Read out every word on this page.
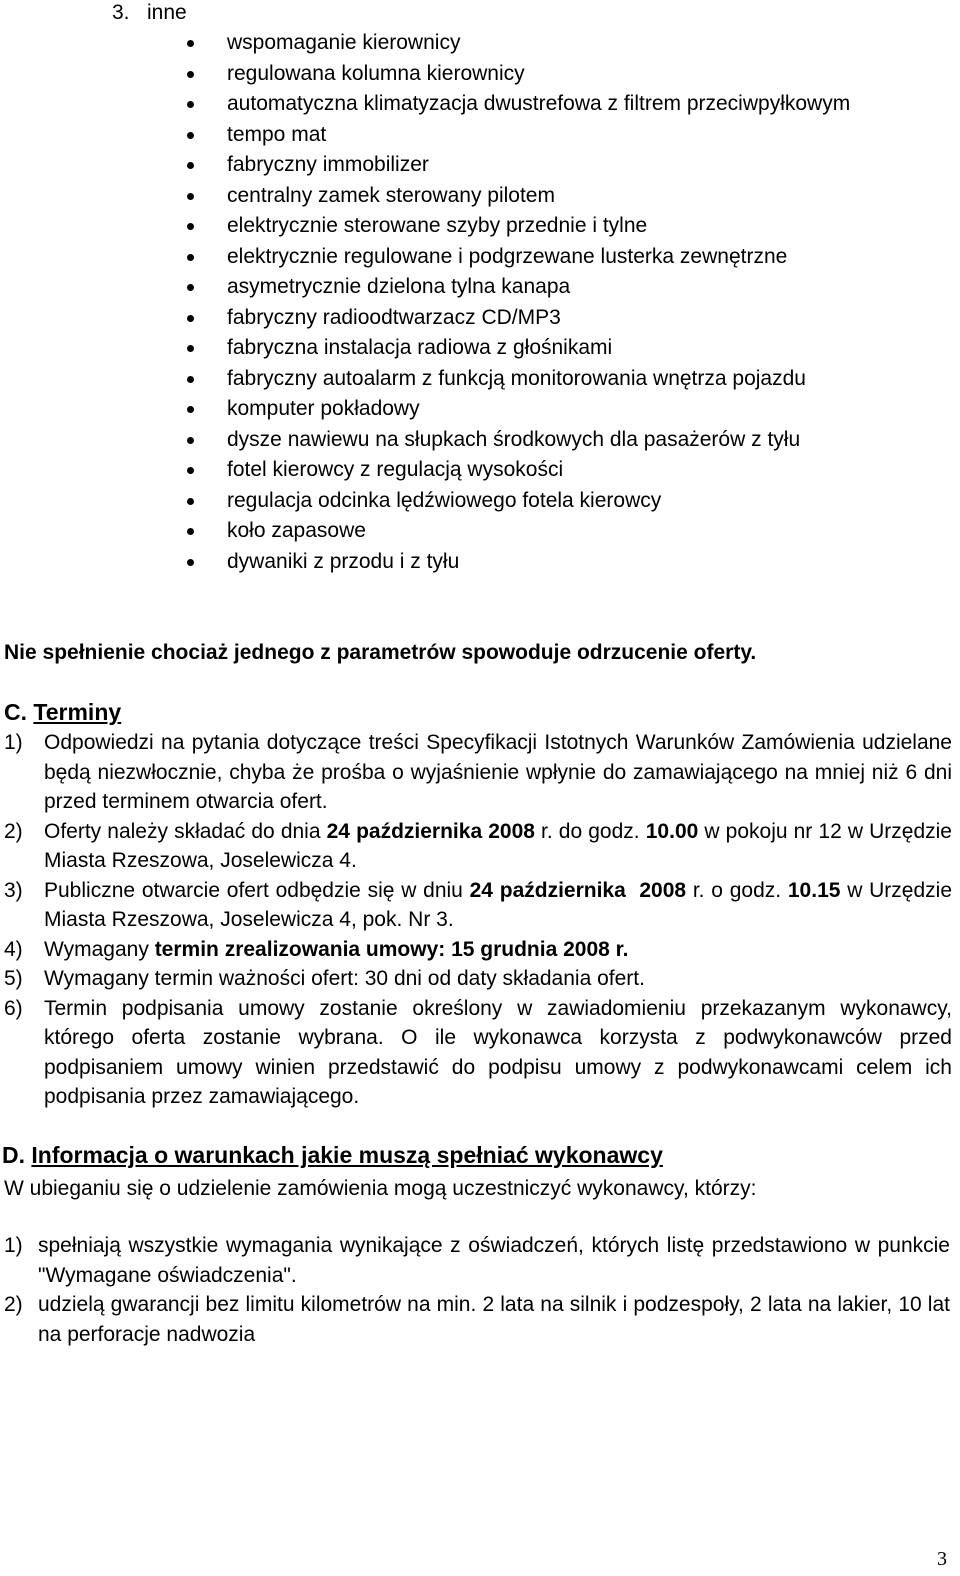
3.   inne
wspomaganie kierownicy
regulowana kolumna kierownicy
automatyczna klimatyzacja dwustrefowa z filtrem przeciwpyłkowym
tempo mat
fabryczny immobilizer
centralny zamek sterowany pilotem
elektrycznie sterowane szyby przednie i tylne
elektrycznie regulowane i podgrzewane lusterka zewnętrzne
asymetrycznie dzielona tylna kanapa
fabryczny radioodtwarzacz CD/MP3
fabryczna instalacja radiowa z głośnikami
fabryczny autoalarm z funkcją monitorowania wnętrza pojazdu
komputer pokładowy
dysze nawiewu na słupkach środkowych dla pasażerów z tyłu
fotel kierowcy z regulacją wysokości
regulacja odcinka lędźwiowego fotela kierowcy
koło zapasowe
dywaniki z przodu i z tyłu
Nie spełnienie chociaż jednego z parametrów spowoduje odrzucenie oferty.
C. Terminy
1) Odpowiedzi na pytania dotyczące treści Specyfikacji Istotnych Warunków Zamówienia udzielane będą niezwłocznie, chyba że prośba o wyjaśnienie wpłynie do zamawiającego na mniej niż 6 dni przed terminem otwarcia ofert.
2) Oferty należy składać do dnia 24 października 2008 r. do godz. 10.00 w pokoju nr 12 w Urzędzie Miasta Rzeszowa, Joselewicza 4.
3) Publiczne otwarcie ofert odbędzie się w dniu 24 października  2008 r. o godz. 10.15 w Urzędzie Miasta Rzeszowa, Joselewicza 4, pok. Nr 3.
4) Wymagany termin zrealizowania umowy: 15 grudnia 2008 r.
5) Wymagany termin ważności ofert: 30 dni od daty składania ofert.
6) Termin podpisania umowy zostanie określony w zawiadomieniu przekazanym wykonawcy, którego oferta zostanie wybrana. O ile wykonawca korzysta z podwykonawców przed podpisaniem umowy winien przedstawić do podpisu umowy z podwykonawcami celem ich podpisania przez zamawiającego.
D. Informacja o warunkach jakie muszą spełniać wykonawcy
W ubieganiu się o udzielenie zamówienia mogą uczestniczyć wykonawcy, którzy:
1) spełniają wszystkie wymagania wynikające z oświadczeń, których listę przedstawiono w punkcie "Wymagane oświadczenia".
2) udzielą gwarancji bez limitu kilometrów na min. 2 lata na silnik i podzespoły, 2 lata na lakier, 10 lat na perforacje nadwozia
3
